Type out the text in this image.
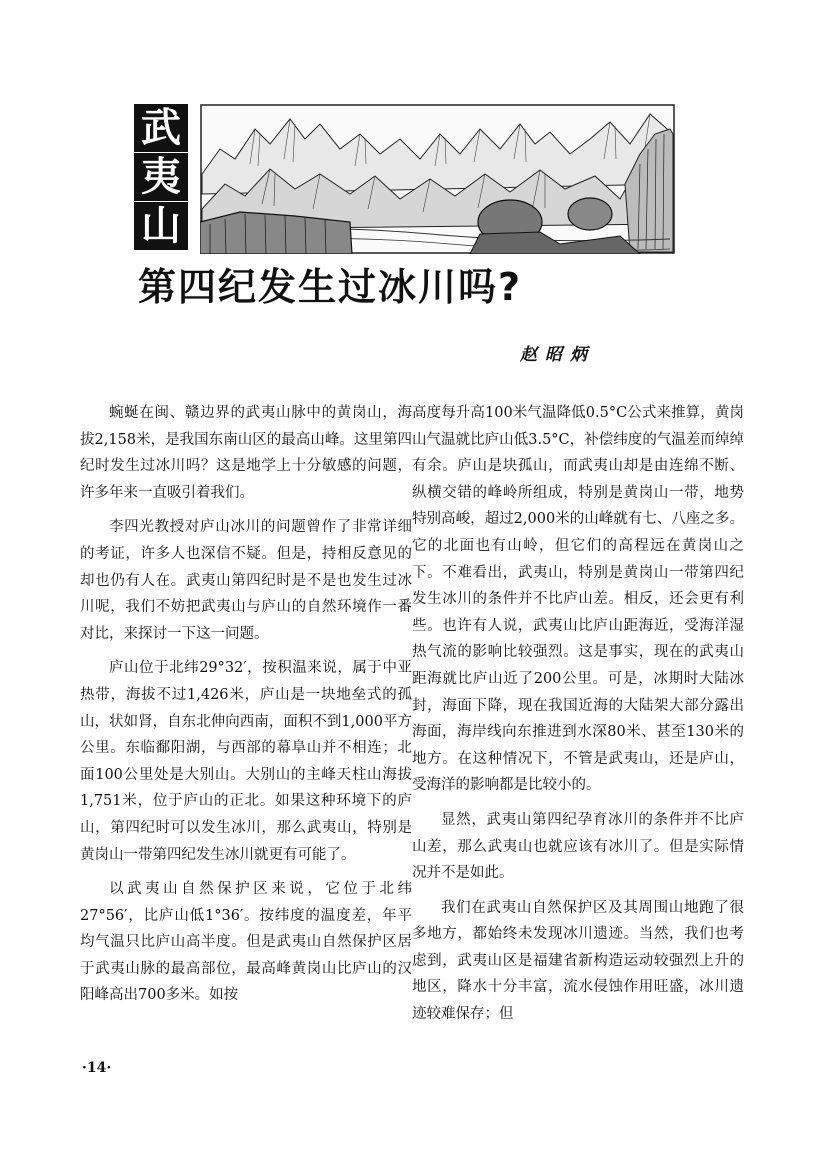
武
夷
山
第四纪发生过冰川吗?
赵昭炳

蜿蜒在闽、赣边界的武夷山脉中的黄岗山，海拔2,158米，是我国东南山区的最高山峰。这里第四纪时发生过冰川吗？这是地学上十分敏感的问题，许多年来一直吸引着我们。

李四光教授对庐山冰川的问题曾作了非常详细的考证，许多人也深信不疑。但是，持相反意见的却也仍有人在。武夷山第四纪时是不是也发生过冰川呢，我们不妨把武夷山与庐山的自然环境作一番对比，来探讨一下这一问题。

庐山位于北纬29°32′，按积温来说，属于中亚热带，海拔不过1,426米，庐山是一块地垒式的孤山，状如肾，自东北伸向西南，面积不到1,000平方公里。东临鄱阳湖，与西部的幕阜山并不相连；北面100公里处是大别山。大别山的主峰天柱山海拔1,751米，位于庐山的正北。如果这种环境下的庐山，第四纪时可以发生冰川，那么武夷山，特别是黄岗山一带第四纪发生冰川就更有可能了。

以武夷山自然保护区来说，它位于北纬27°56′，比庐山低1°36′。按纬度的温度差，年平均气温只比庐山高半度。但是武夷山自然保护区居于武夷山脉的最高部位，最高峰黄岗山比庐山的汉阳峰高出700多米。如按

高度每升高100米气温降低0.5°C公式来推算，黄岗山气温就比庐山低3.5°C，补偿纬度的气温差而绰绰有余。庐山是块孤山，而武夷山却是由连绵不断、纵横交错的峰岭所组成，特别是黄岗山一带，地势特别高峻，超过2,000米的山峰就有七、八座之多。它的北面也有山岭，但它们的高程远在黄岗山之下。不难看出，武夷山，特别是黄岗山一带第四纪发生冰川的条件并不比庐山差。相反，还会更有利些。也许有人说，武夷山比庐山距海近，受海洋湿热气流的影响比较强烈。这是事实，现在的武夷山距海就比庐山近了200公里。可是，冰期时大陆冰封，海面下降，现在我国近海的大陆架大部分露出海面，海岸线向东推进到水深80米、甚至130米的地方。在这种情况下，不管是武夷山，还是庐山，受海洋的影响都是比较小的。

显然，武夷山第四纪孕育冰川的条件并不比庐山差，那么武夷山也就应该有冰川了。但是实际情况并不是如此。

我们在武夷山自然保护区及其周围山地跑了很多地方，都始终未发现冰川遗迹。当然，我们也考虑到，武夷山区是福建省新构造运动较强烈上升的地区，降水十分丰富，流水侵蚀作用旺盛，冰川遗迹较难保存；但

·14·
